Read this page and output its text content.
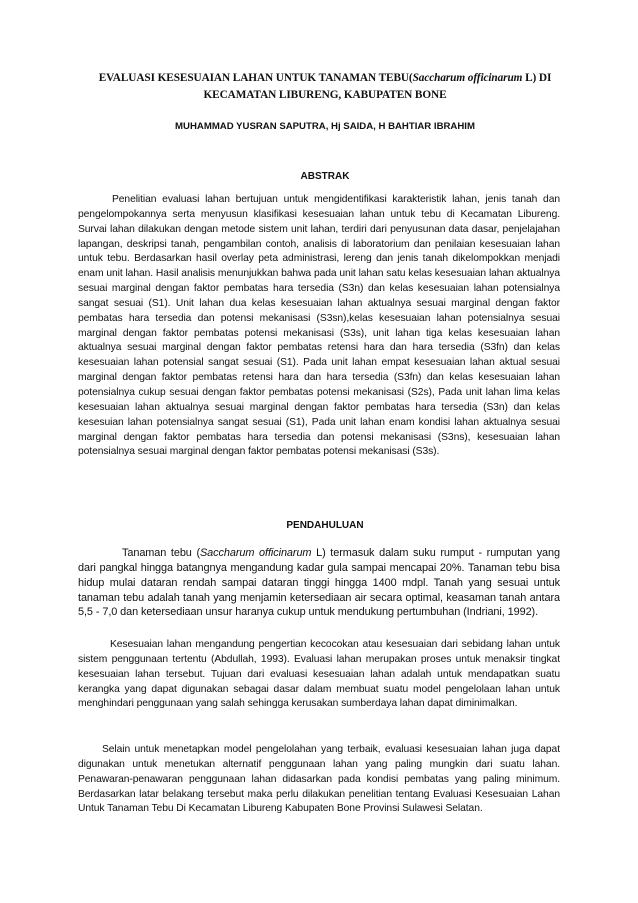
EVALUASI KESESUAIAN LAHAN UNTUK TANAMAN TEBU(Saccharum officinarum L) DI
KECAMATAN LIBURENG, KABUPATEN BONE
MUHAMMAD YUSRAN SAPUTRA, Hj SAIDA, H BAHTIAR IBRAHIM
ABSTRAK

Penelitian evaluasi lahan bertujuan untuk mengidentifikasi karakteristik lahan, jenis tanah dan pengelompokannya serta menyusun klasifikasi kesesuaian lahan untuk tebu di Kecamatan Libureng. Survai lahan dilakukan dengan metode sistem unit lahan, terdiri dari penyusunan data dasar, penjelajahan lapangan, deskripsi tanah, pengambilan contoh, analisis di laboratorium dan penilaian kesesuaian lahan untuk tebu. Berdasarkan hasil overlay peta administrasi, lereng dan jenis tanah dikelompokkan menjadi enam unit lahan. Hasil analisis menunjukkan bahwa pada unit lahan satu kelas kesesuaian lahan aktualnya sesuai marginal dengan faktor pembatas hara tersedia (S3n) dan kelas kesesuaian lahan potensialnya sangat sesuai (S1). Unit lahan dua kelas kesesuaian lahan aktualnya sesuai marginal dengan faktor pembatas hara tersedia dan potensi mekanisasi (S3sn),kelas kesesuaian lahan potensialnya sesuai marginal dengan faktor pembatas potensi mekanisasi (S3s), unit lahan tiga kelas kesesuaian lahan aktualnya sesuai marginal dengan faktor pembatas retensi hara dan hara tersedia (S3fn) dan kelas kesesuaian lahan potensial sangat sesuai (S1). Pada unit lahan empat kesesuaian lahan aktual sesuai marginal dengan faktor pembatas retensi hara dan hara tersedia (S3fn) dan kelas kesesuaian lahan potensialnya cukup sesuai dengan faktor pembatas potensi mekanisasi (S2s), Pada unit lahan lima kelas kesesuaian lahan aktualnya sesuai marginal dengan faktor pembatas hara tersedia (S3n) dan kelas kesesuian lahan potensialnya sangat sesuai (S1), Pada unit lahan enam kondisi lahan aktualnya sesuai marginal dengan faktor pembatas hara tersedia dan potensi mekanisasi (S3ns), kesesuaian lahan potensialnya sesuai marginal dengan faktor pembatas potensi mekanisasi (S3s).

PENDAHULUAN

Tanaman tebu (Saccharum officinarum L) termasuk dalam suku rumput - rumputan yang dari pangkal hingga batangnya mengandung kadar gula sampai mencapai 20%. Tanaman tebu bisa hidup mulai dataran rendah sampai dataran tinggi hingga 1400 mdpl. Tanah yang sesuai untuk tanaman tebu adalah tanah yang menjamin ketersediaan air secara optimal, keasaman tanah antara 5,5 - 7,0 dan ketersediaan unsur haranya cukup untuk mendukung pertumbuhan (Indriani, 1992).

Kesesuaian lahan mengandung pengertian kecocokan atau kesesuaian dari sebidang lahan untuk sistem penggunaan tertentu (Abdullah, 1993). Evaluasi lahan merupakan proses untuk menaksir tingkat kesesuaian lahan tersebut. Tujuan dari evaluasi kesesuaian lahan adalah untuk mendapatkan suatu kerangka yang dapat digunakan sebagai dasar dalam membuat suatu model pengelolaan lahan untuk menghindari penggunaan yang salah sehingga kerusakan sumberdaya lahan dapat diminimalkan.

Selain untuk menetapkan model pengelolahan yang terbaik, evaluasi kesesuaian lahan juga dapat digunakan untuk menetukan alternatif penggunaan lahan yang paling mungkin dari suatu lahan. Penawaran-penawaran penggunaan lahan didasarkan pada kondisi pembatas yang paling minimum. Berdasarkan latar belakang tersebut maka perlu dilakukan penelitian tentang Evaluasi Kesesuaian Lahan Untuk Tanaman Tebu Di Kecamatan Libureng Kabupaten Bone Provinsi Sulawesi Selatan.
